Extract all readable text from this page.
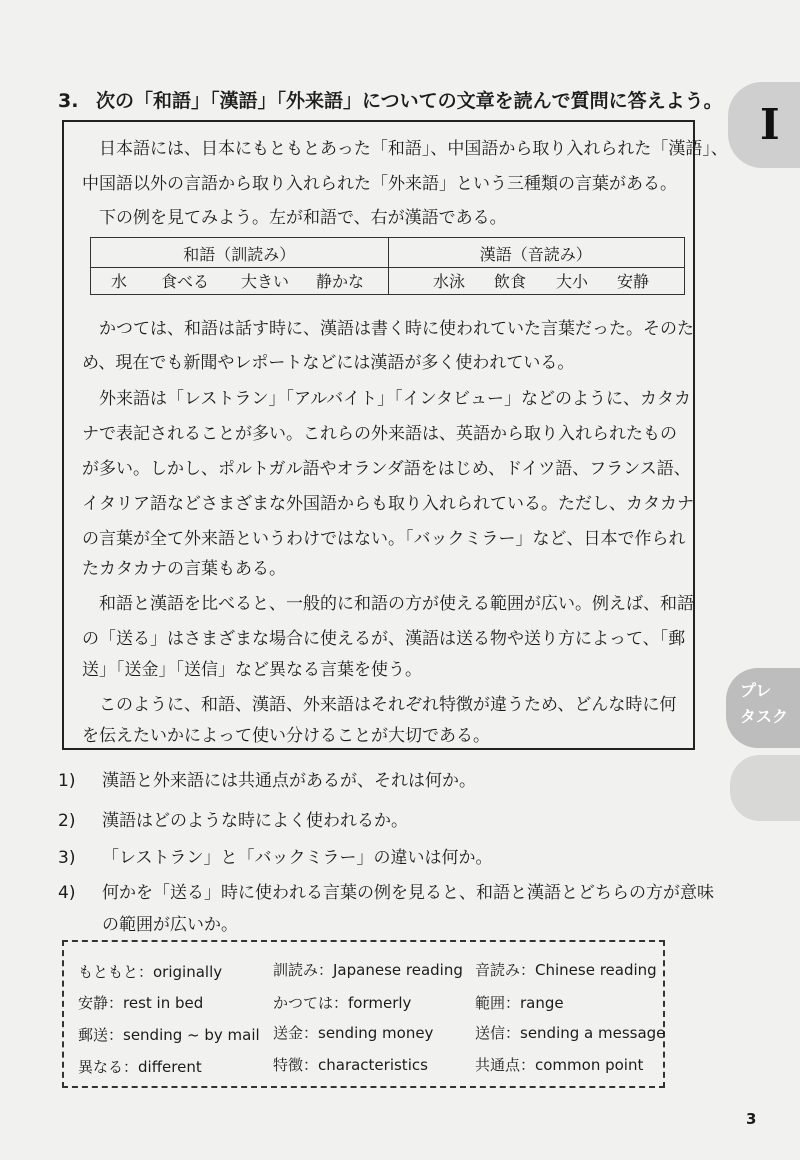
3. 次の「和語」「漢語」「外来語」についての文章を読んで質問に答えよう。
日本語には、日本にもともとあった「和語」、中国語から取り入れられた「漢語」、
中国語以外の言語から取り入れられた「外来語」という三種類の言葉がある。
下の例を見てみよう。左が和語で、右が漢語である。
和語（訓読み）	漢語（音読み）
水 食べる 大きい 静かな	水泳 飲食 大小 安静
かつては、和語は話す時に、漢語は書く時に使われていた言葉だった。そのた
め、現在でも新聞やレポートなどには漢語が多く使われている。
外来語は「レストラン」「アルバイト」「インタビュー」などのように、カタカ
ナで表記されることが多い。これらの外来語は、英語から取り入れられたもの
が多い。しかし、ポルトガル語やオランダ語をはじめ、ドイツ語、フランス語、
イタリア語などさまざまな外国語からも取り入れられている。ただし、カタカナ
の言葉が全て外来語というわけではない。「バックミラー」など、日本で作られ
たカタカナの言葉もある。
和語と漢語を比べると、一般的に和語の方が使える範囲が広い。例えば、和語
の「送る」はさまざまな場合に使えるが、漢語は送る物や送り方によって、「郵
送」「送金」「送信」など異なる言葉を使う。
このように、和語、漢語、外来語はそれぞれ特徴が違うため、どんな時に何
を伝えたいかによって使い分けることが大切である。
1) 漢語と外来語には共通点があるが、それは何か。
2) 漢語はどのような時によく使われるか。
3) 「レストラン」と「バックミラー」の違いは何か。
4) 何かを「送る」時に使われる言葉の例を見ると、和語と漢語とどちらの方が意味
の範囲が広いか。
もともと：originally	訓読み：Japanese reading 音読み：Chinese reading
安静：rest in bed	かつては：formerly	範囲：range
郵送：sending ~ by mail 送金：sending money	送信：sending a message
異なる：different	特徴：characteristics	共通点：common point
I
プレ
タスク
3
